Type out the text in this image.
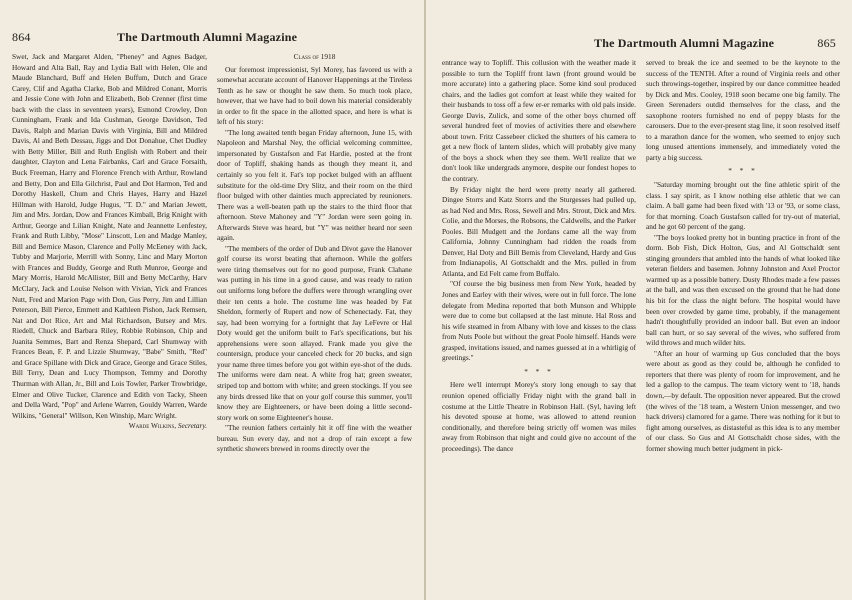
864	The Dartmouth Alumni Magazine

Swet, Jack and Margaret Alden, "Pheney" and Agnes Badger, Howard and Alta Ball, Ray and Lydia Ball with Helen, Ole and Maude Blanchard, Buff and Helen Buffum, Dutch and Grace Carey, Clif and Agatha Clarke, Bob and Mildred Conant, Morris and Jessie Cone with John and Elizabeth, Bob Crenner (first time back with the class in seventeen years), Esmond Crowley, Don Cunningham, Frank and Ida Cushman, George Davidson, Ted Davis, Ralph and Marian Davis with Virginia, Bill and Mildred Davis, Al and Beth Dessau, Jiggs and Dot Donahue, Chet Dudley with Betty Miller, Bill and Ruth English with Robert and their daughter, Clayton and Lena Fairbanks, Carl and Grace Forsaith, Buck Freeman, Harry and Florence French with Arthur, Rowland and Betty, Don and Ella Gilchrist, Paul and Dot Harmon, Ted and Dorothy Haskell, Chum and Chris Hayes, Harry and Hazel Hillman with Harold, Judge Hugus, "T. D." and Marian Jewett, Jim and Mrs. Jordan, Dow and Frances Kimball, Brig Knight with Arthur, George and Lilian Knight, Nate and Jeannette Lenfestey, Frank and Ruth Libby, "Mose" Linscott, Len and Madge Manley, Bill and Bernice Mason, Clarence and Polly McEeney with Jack, Tubby and Marjorie, Merrill with Sonny, Linc and Mary Morton with Frances and Buddy, George and Ruth Munroe, George and Mary Morris, Harold McAllister, Bill and Betty McCarthy, Harv McClary, Jack and Louise Nelson with Vivian, Yick and Frances Nutt, Fred and Marion Page with Don, Gus Perry, Jim and Lillian Peterson, Bill Pierce, Emmett and Kathleen Pishon, Jack Remsen, Nat and Dot Rice, Art and Mal Richardson, Butsey and Mrs. Riedell, Chuck and Barbara Riley, Robbie Robinson, Chip and Juanita Semmes, Bart and Renza Shepard, Carl Shumway with Frances Bean, F. P. and Lizzie Shumway, "Babe" Smith, "Red" and Grace Spillane with Dick and Grace, George and Grace Stiles, Bill Terry, Dean and Lucy Thompson, Temmy and Dorothy Thurman with Allan, Jr., Bill and Lois Towler, Parker Trowbridge, Elmer and Olive Tucker, Clarence and Edith von Tacky, Sheen and Della Ward, "Pop" and Arlene Warren, Gouldy Warren, Warde Wilkins, "General" Willson, Ken Winship, Marc Wright.

Warde Wilkins, Secretary.

Class of 1918

Our foremost impressionist, Syl Morey, has favored us with a somewhat accurate account of Hanover Happenings at the Tireless Tenth as he saw or thought he saw them. So much took place, however, that we have had to boil down his material considerably in order to fit the space in the allotted space, and here is what is left of his story:

"The long awaited tenth began Friday afternoon, June 15, with Napoleon and Marshal Ney, the official welcoming committee, impersonated by Gustafson and Fat Hardie, posted at the front door of Topliff, shaking hands as though they meant it, and certainly so you felt it. Fat's top pocket bulged with an affluent substitute for the old-time Dry Slitz, and their room on the third floor bulged with other dainties much appreciated by reunioners. There was a well-beaten path up the stairs to the third floor that afternoon. Steve Mahoney and "Y" Jordan were seen going in. Afterwards Steve was heard, but "Y" was neither heard nor seen again.

"The members of the order of Dub and Divot gave the Hanover golf course its worst beating that afternoon. While the golfers were tiring themselves out for no good purpose, Frank Clahane was putting in his time in a good cause, and was ready to ration out uniforms long before the duffers were through wrangling over their ten cents a hole. The costume line was headed by Fat Sheldon, formerly of Rupert and now of Schenectady. Fat, they say, had been worrying for a fortnight that Jay LeFevre or Hal Doty would get the uniform built to Fat's specifications, but his apprehensions were soon allayed. Frank made you give the countersign, produce your canceled check for 20 bucks, and sign your name three times before you got within eye-shot of the duds. The uniforms were darn neat. A white frog hat; green sweater, striped top and bottom with white; and green stockings. If you see any birds dressed like that on your golf course this summer, you'll know they are Eighteeners, or have been doing a little second-story work on some Eighteener's house.

"The reunion fathers certainly hit it off fine with the weather bureau. Sun every day, and not a drop of rain except a few synthetic showers brewed in rooms directly over the

The Dartmouth Alumni Magazine	865

entrance way to Topliff. This collusion with the weather made it possible to turn the Topliff front lawn (front ground would be more accurate) into a gathering place. Some kind soul produced chairs, and the ladies got comfort at least while they waited for their husbands to toss off a few er-er remarks with old pals inside. George Davis, Zulick, and some of the other boys churned off several hundred feet of movies of activities there and elsewhere about town. Fritz Cassebeer clicked the shutters of his camera to get a new flock of lantern slides, which will probably give many of the boys a shock when they see them. We'll realize that we don't look like undergrads anymore, despite our fondest hopes to the contrary.

By Friday night the herd were pretty nearly all gathered. Dingee Storrs and Katz Storrs and the Sturgesses had pulled up, as had Ned and Mrs. Ross, Sewell and Mrs. Strout, Dick and Mrs. Colie, and the Morses, the Robsons, the Caldwells, and the Parker Pooles. Bill Mudgett and the Jordans came all the way from California, Johnny Cunningham had ridden the roads from Denver, Hal Doty and Bill Bemis from Cleveland, Hardy and Gus from Indianapolis, Al Gottschaldt and the Mrs. pulled in from Atlanta, and Ed Felt came from Buffalo.

"Of course the big business men from New York, headed by Jones and Earley with their wives, were out in full force. The lone delegate from Medina reported that both Munson and Whipple were due to come but collapsed at the last minute. Hal Ross and his wife steamed in from Albany with love and kisses to the class from Nuts Poole but without the great Poole himself. Hands were grasped, invitations issued, and names guessed at in a whirligig of greetings."

* * *

Here we'll interrupt Morey's story long enough to say that reunion opened officially Friday night with the grand ball in costume at the Little Theatre in Robinson Hall. (Syl, having left his devoted spouse at home, was allowed to attend reunion conditionally, and therefore being strictly off women was miles away from Robinson that night and could give no account of the proceedings). The dance

served to break the ice and seemed to be the keynote to the success of the TENTH. After a round of Virginia reels and other such throwings-together, inspired by our dance committee headed by Dick and Mrs. Cooley, 1918 soon became one big family. The Green Serenaders outdid themselves for the class, and the saxophone rooters furnished no end of peppy blasts for the carousers. Due to the ever-present stag line, it soon resolved itself to a marathon dance for the women, who seemed to enjoy such long unused attentions immensely, and immediately voted the party a big success.

* * *

"Saturday morning brought out the fine athletic spirit of the class. I say spirit, as I know nothing else athletic that we can claim. A ball game had been fixed with '13 or '93, or some class, for that morning. Coach Gustafson called for try-out of material, and he got 60 percent of the gang.

"The boys looked pretty hot in bunting practice in front of the dorm. Bob Fish, Dick Holton, Gus, and Al Gottschaldt sent stinging grounders that ambled into the hands of what looked like veteran fielders and basemen. Johnny Johnston and Axel Proctor warmed up as a possible battery. Dusty Rhodes made a few passes at the ball, and was then excused on the ground that he had done his bit for the class the night before. The hospital would have been over crowded by game time, probably, if the management hadn't thoughtfully provided an indoor ball. But even an indoor ball can hurt, or so say several of the wives, who suffered from wild throws and much wilder hits.

"After an hour of warming up Gus concluded that the boys were about as good as they could be, although he confided to reporters that there was plenty of room for improvement, and he led a gallop to the campus. The team victory went to '18, hands down,—by default. The opposition never appeared. But the crowd (the wives of the '18 team, a Western Union messenger, and two hack drivers) clamored for a game. There was nothing for it but to fight among ourselves, as distasteful as this idea is to any member of our class. So Gus and Al Gottschaldt chose sides, with the former showing much better judgment in pick-
